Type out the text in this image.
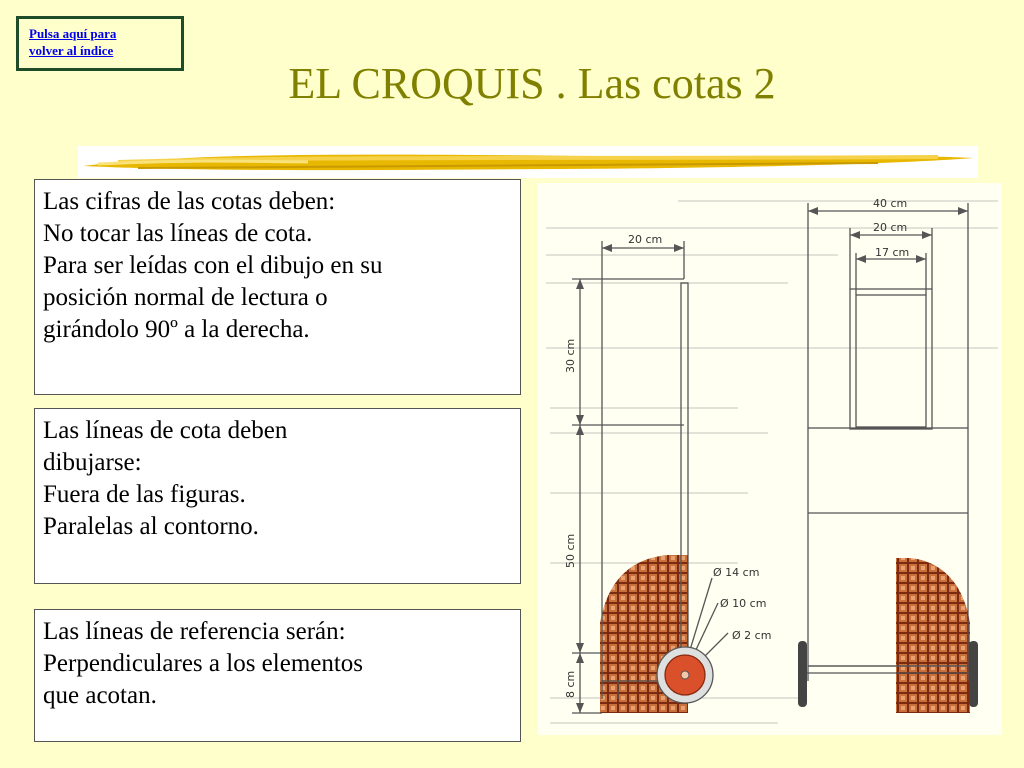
Pulsa aquí para
volver al índice
EL CROQUIS . Las cotas 2
Las cifras de las cotas deben:
No tocar las líneas de cota.
Para ser leídas con el dibujo en su
posición normal de lectura o
girándolo 90º a la derecha.
Las líneas de cota deben
dibujarse:
Fuera de las figuras.
Paralelas al contorno.
Las líneas de referencia serán:
Perpendiculares a los elementos
que acotan.
20 cm
40 cm
20 cm
17 cm
Ø 14 cm
Ø 10 cm
Ø 2 cm
30 cm
50 cm
8 cm
